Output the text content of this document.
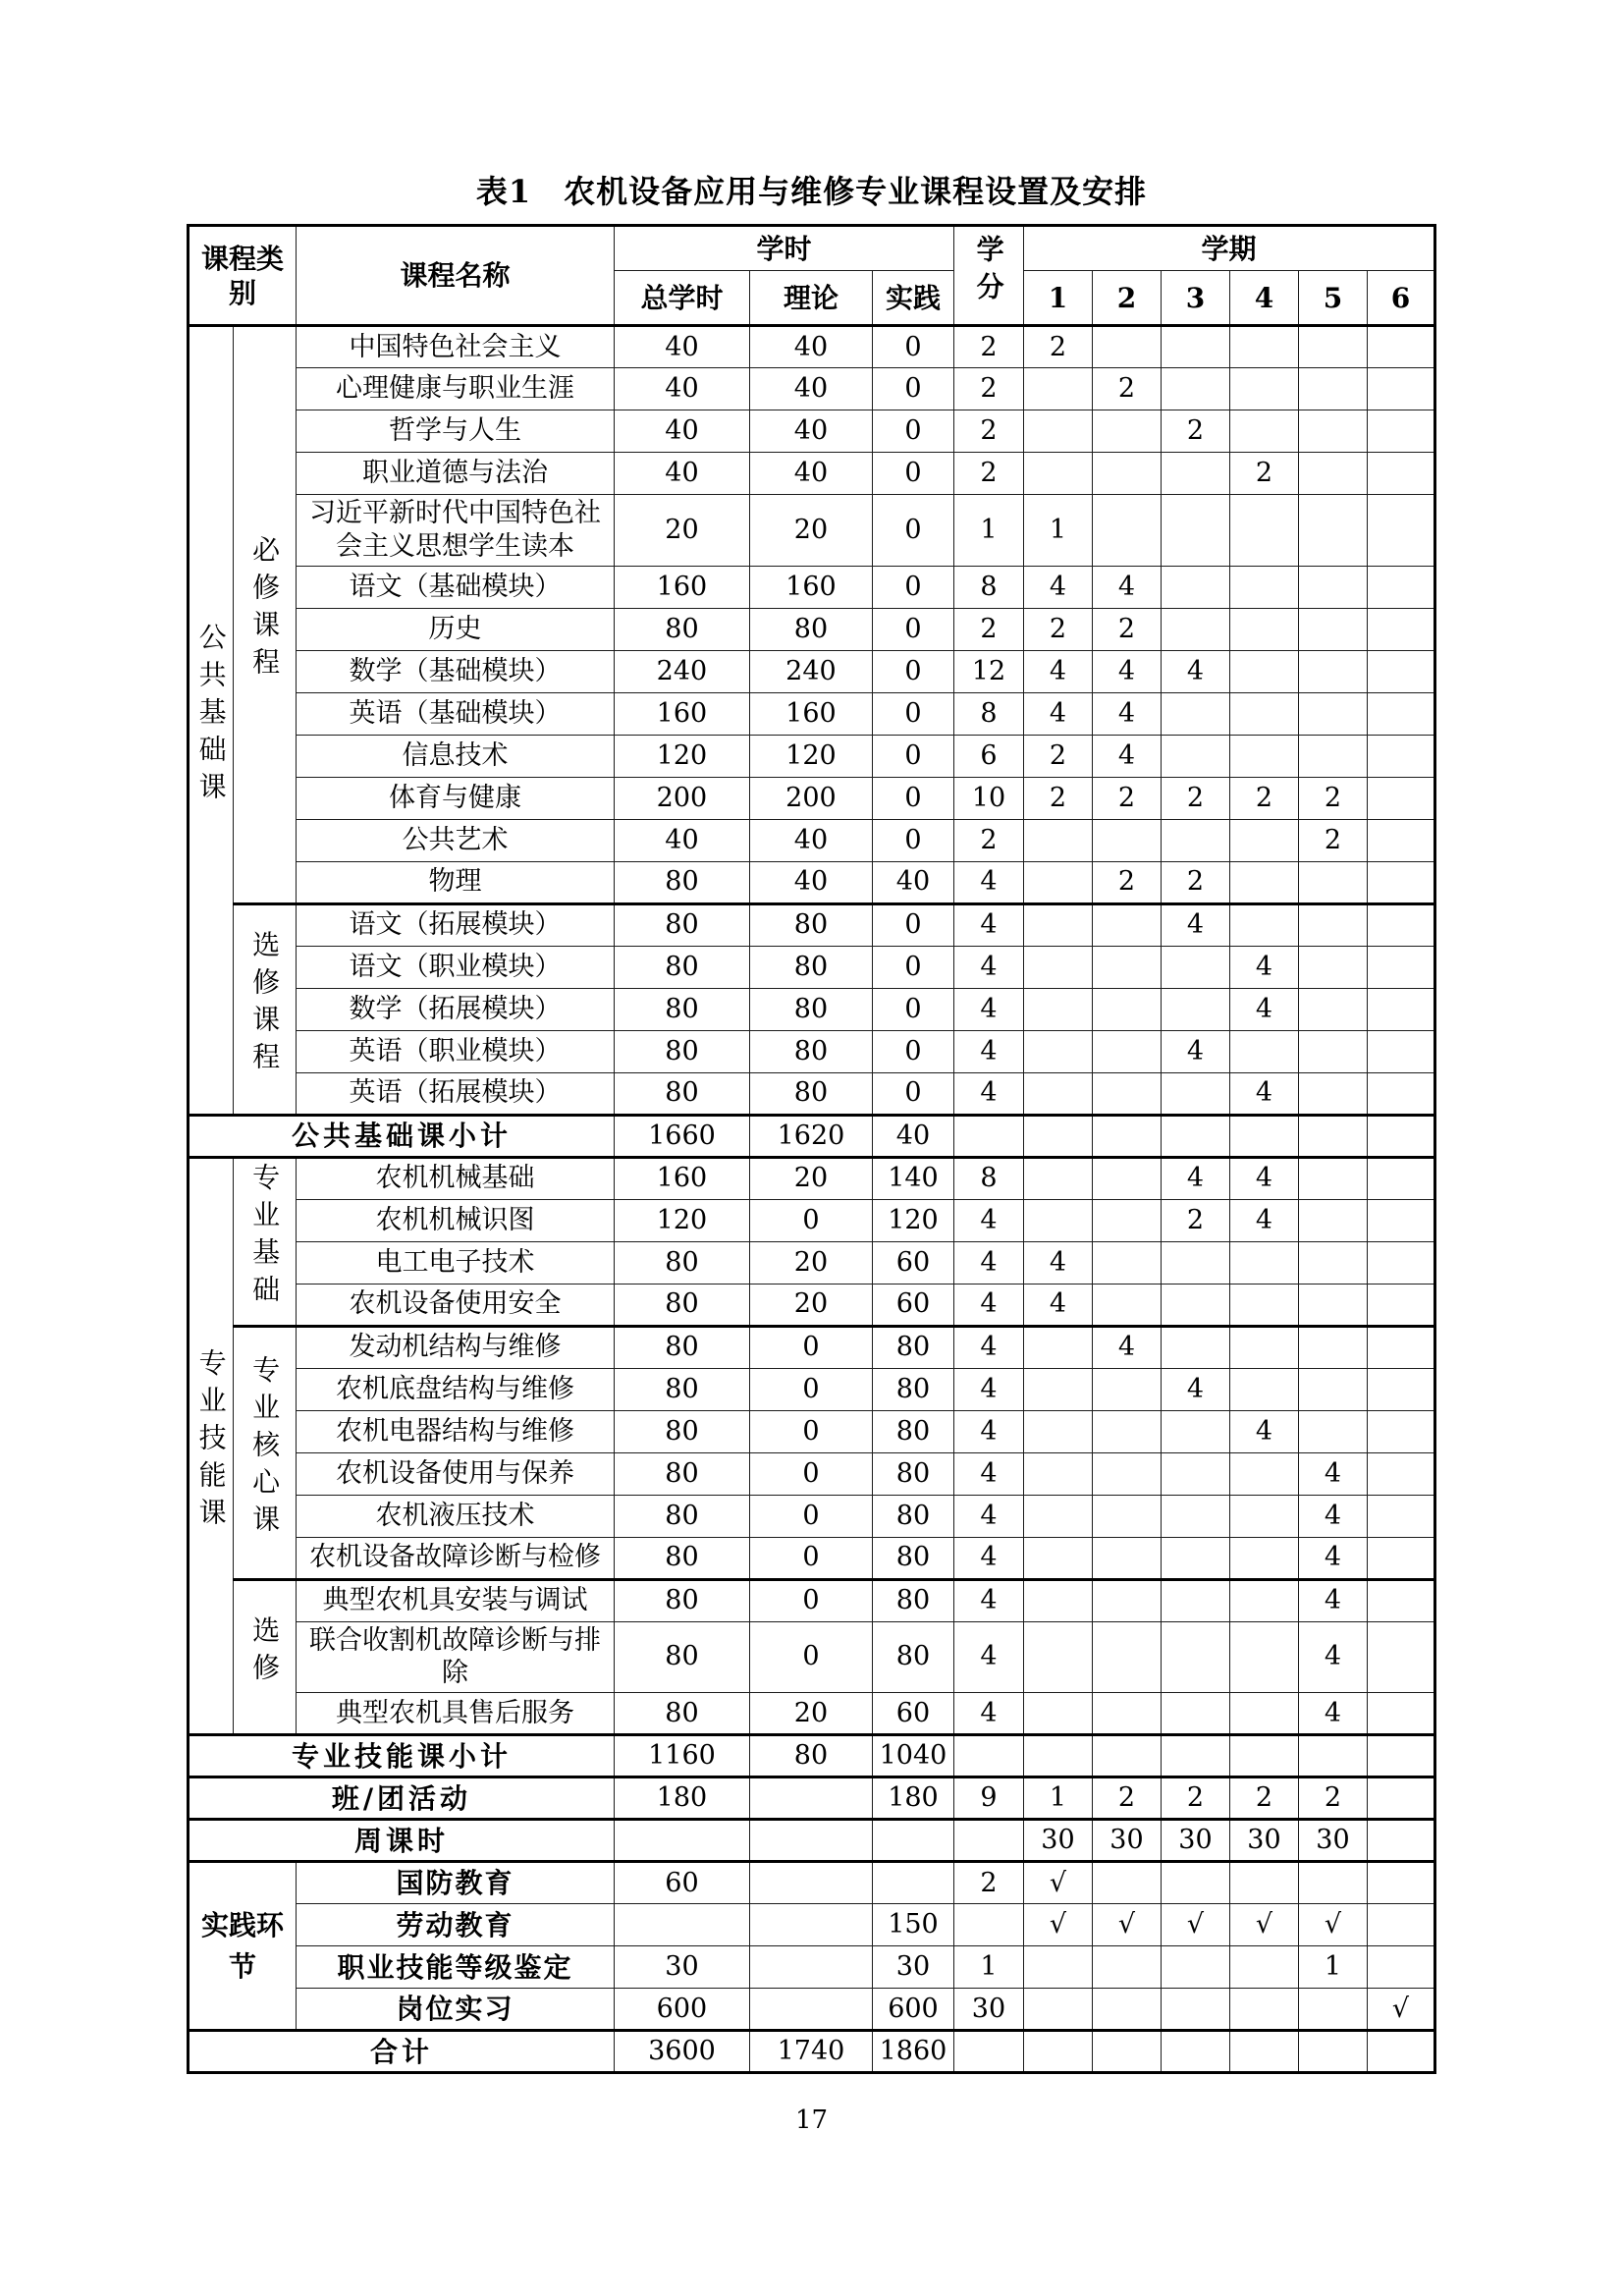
表1　农机设备应用与维修专业课程设置及安排
课程类别		课程名称	学时			学分	学期					
			总学时	理论	实践		1	2	3	4	5	6
公共基础课	必修课程	中国特色社会主义	40	40	0	2	2					
		心理健康与职业生涯	40	40	0	2		2				
		哲学与人生	40	40	0	2			2			
		职业道德与法治	40	40	0	2				2		
		习近平新时代中国特色社会主义思想学生读本	20	20	0	1	1					
		语文（基础模块）	160	160	0	8	4	4				
		历史	80	80	0	2	2	2				
		数学（基础模块）	240	240	0	12	4	4	4			
		英语（基础模块）	160	160	0	8	4	4				
		信息技术	120	120	0	6	2	4				
		体育与健康	200	200	0	10	2	2	2	2	2	
		公共艺术	40	40	0	2					2	
		物理	80	40	40	4		2	2			
	选修课程	语文（拓展模块）	80	80	0	4			4			
		语文（职业模块）	80	80	0	4				4		
		数学（拓展模块）	80	80	0	4				4		
		英语（职业模块）	80	80	0	4			4			
		英语（拓展模块）	80	80	0	4				4		
公共基础课小计			1660	1620	40							
专业技能课	专业基础	农机机械基础	160	20	140	8			4	4		
		农机机械识图	120	0	120	4			2	4		
		电工电子技术	80	20	60	4	4					
		农机设备使用安全	80	20	60	4	4					
	专业核心课	发动机结构与维修	80	0	80	4		4				
		农机底盘结构与维修	80	0	80	4			4			
		农机电器结构与维修	80	0	80	4				4		
		农机设备使用与保养	80	0	80	4					4	
		农机液压技术	80	0	80	4					4	
		农机设备故障诊断与检修	80	0	80	4					4	
	选修	典型农机具安装与调试	80	0	80	4					4	
		联合收割机故障诊断与排除	80	0	80	4					4	
		典型农机具售后服务	80	20	60	4					4	
专业技能课小计			1160	80	1040							
班/团活动			180		180	9	1	2	2	2	2	
周课时							30	30	30	30	30	
实践环节		国防教育	60			2	√					
		劳动教育			150		√	√	√	√	√	
		职业技能等级鉴定	30		30	1					1	
		岗位实习	600		600	30						√
合计			3600	1740	1860							
17
